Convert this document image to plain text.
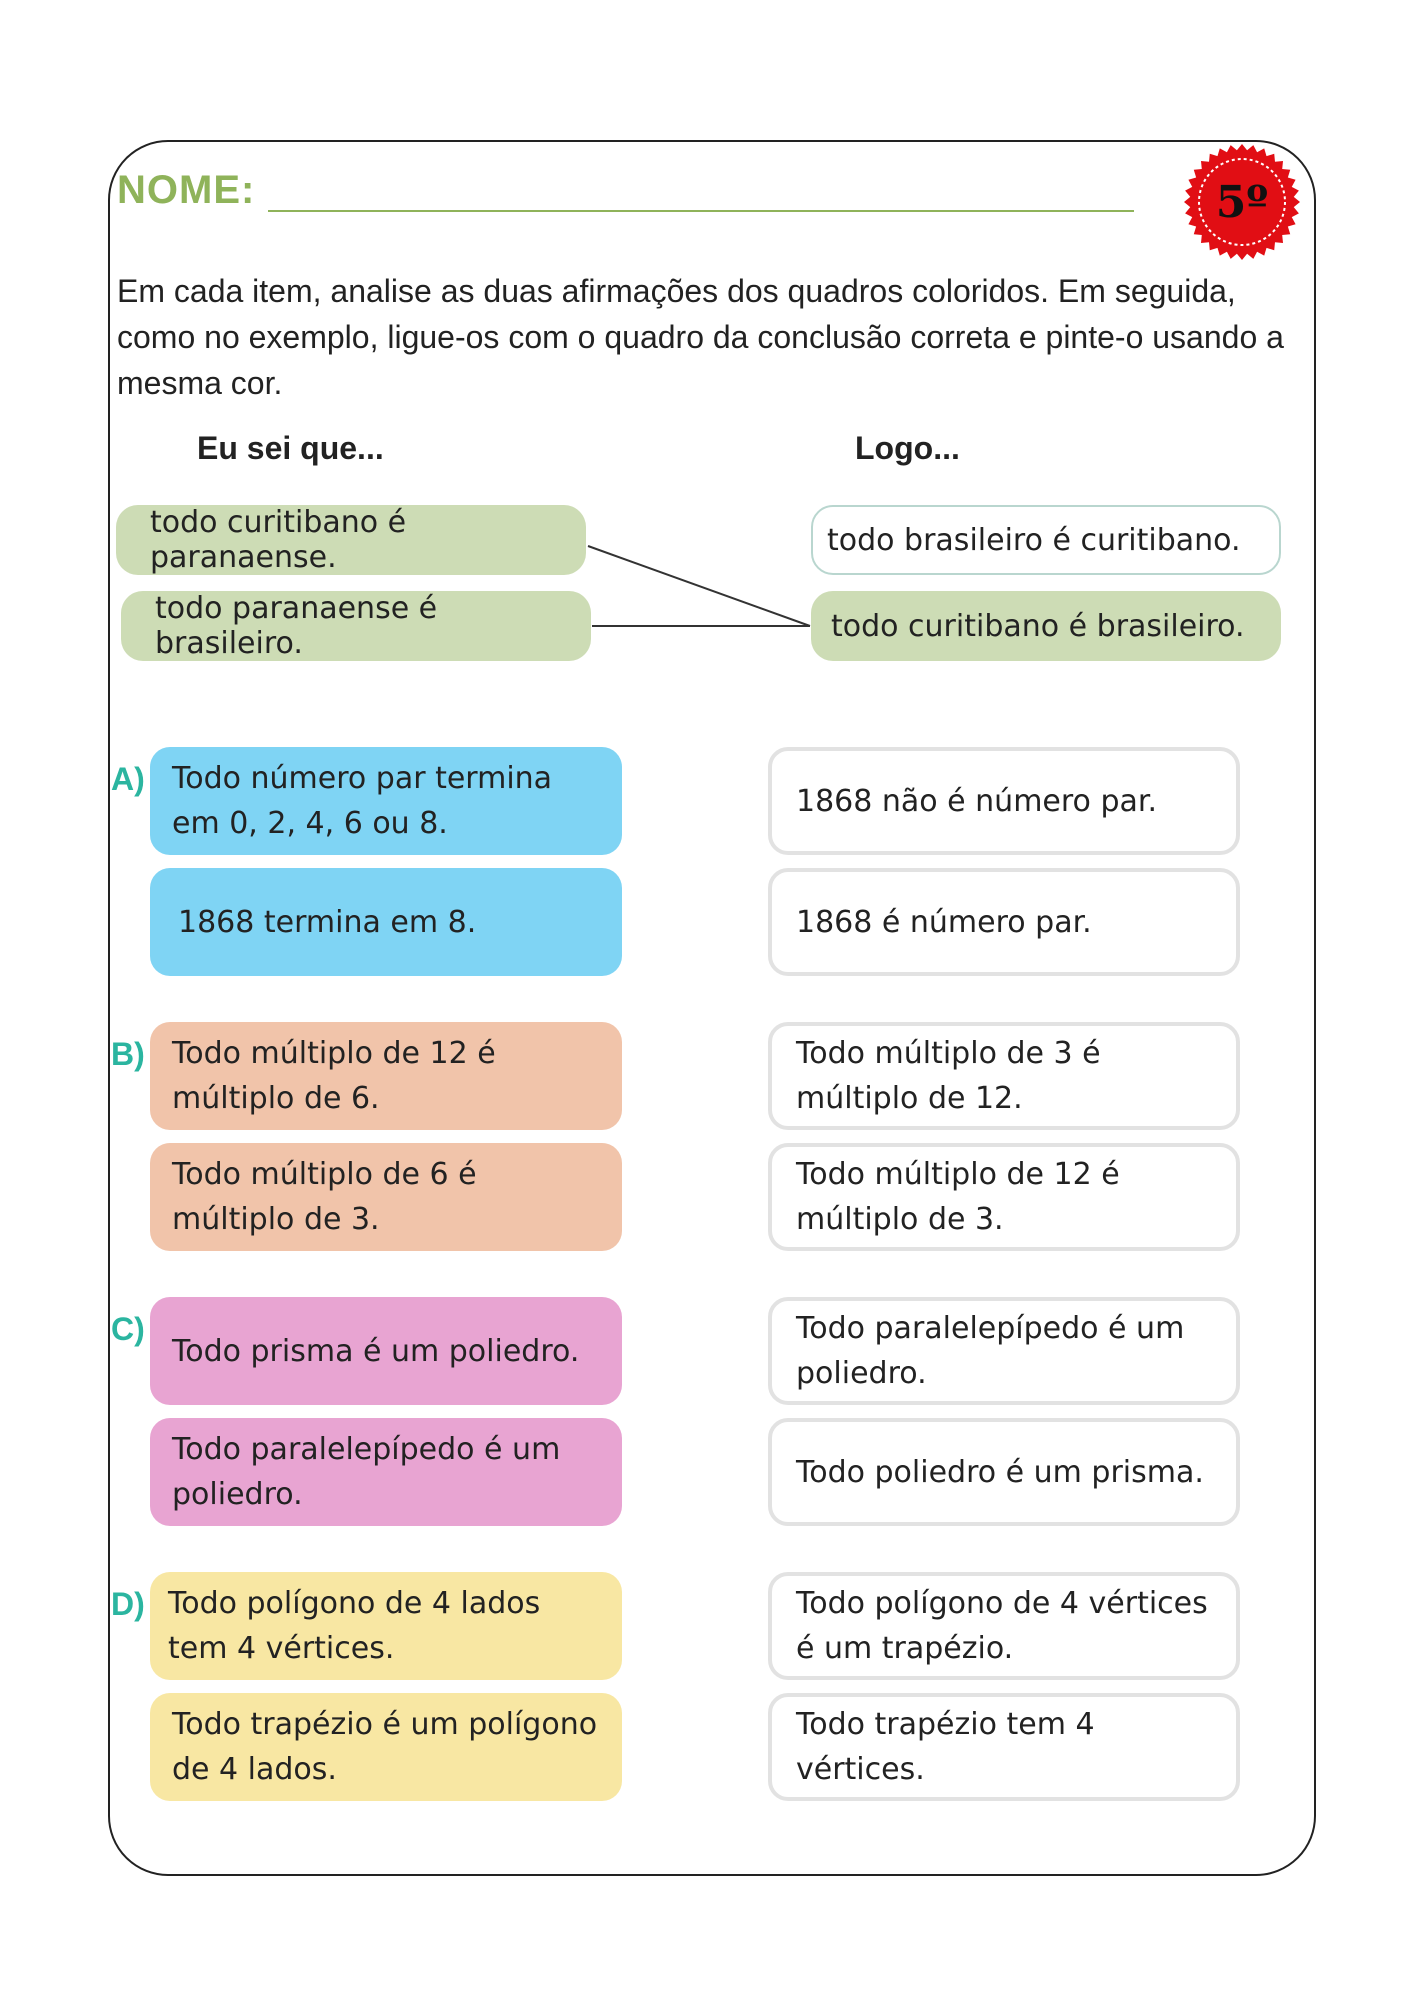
NOME:	5º
Em cada item, analise as duas afirmações dos quadros coloridos. Em seguida, como no exemplo, ligue-os com o quadro da conclusão correta e pinte-o usando a mesma cor.
Eu sei que...	Logo...
todo curitibano é paranaense.
todo paranaense é brasileiro.
todo brasileiro é curitibano.
todo curitibano é brasileiro.
A) Todo número par termina em 0, 2, 4, 6 ou 8.
1868 termina em 8.
1868 não é número par.
1868 é número par.
B) Todo múltiplo de 12 é múltiplo de 6.
Todo múltiplo de 6 é múltiplo de 3.
Todo múltiplo de 3 é múltiplo de 12.
Todo múltiplo de 12 é múltiplo de 3.
C)
Todo prisma é um poliedro.
Todo paralelepípedo é um poliedro.
Todo paralelepípedo é um poliedro.
Todo poliedro é um prisma.
D) Todo polígono de 4 lados tem 4 vértices.
Todo trapézio é um polígono de 4 lados.
Todo polígono de 4 vértices é um trapézio.
Todo trapézio tem 4 vértices.
